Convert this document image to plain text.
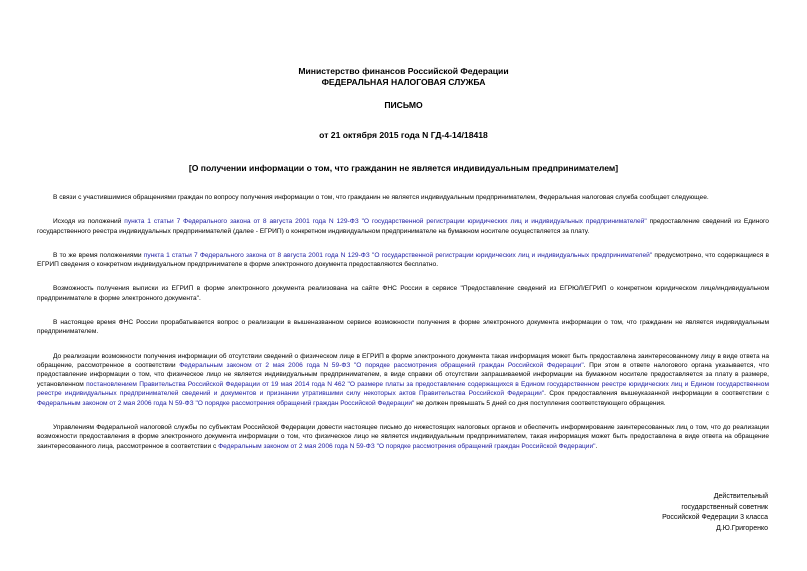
Министерство финансов Российской Федерации
ФЕДЕРАЛЬНАЯ НАЛОГОВАЯ СЛУЖБА
ПИСЬМО
от 21 октября 2015 года N ГД-4-14/18418
[О получении информации о том, что гражданин не является индивидуальным предпринимателем]

В связи с участившимися обращениями граждан по вопросу получения информации о том, что гражданин не является индивидуальным предпринимателем, Федеральная налоговая служба сообщает следующее.

Исходя из положений пункта 1 статьи 7 Федерального закона от 8 августа 2001 года N 129-ФЗ "О государственной регистрации юридических лиц и индивидуальных предпринимателей" предоставление сведений из Единого государственного реестра индивидуальных предпринимателей (далее - ЕГРИП) о конкретном индивидуальном предпринимателе на бумажном носителе осуществляется за плату.

В то же время положениями пункта 1 статьи 7 Федерального закона от 8 августа 2001 года N 129-ФЗ "О государственной регистрации юридических лиц и индивидуальных предпринимателей" предусмотрено, что содержащиеся в ЕГРИП сведения о конкретном индивидуальном предпринимателе в форме электронного документа предоставляются бесплатно.

Возможность получения выписки из ЕГРИП в форме электронного документа реализована на сайте ФНС России в сервисе "Предоставление сведений из ЕГРЮЛ/ЕГРИП о конкретном юридическом лице/индивидуальном предпринимателе в форме электронного документа".

В настоящее время ФНС России прорабатывается вопрос о реализации в вышеназванном сервисе возможности получения в форме электронного документа информации о том, что гражданин не является индивидуальным предпринимателем.

До реализации возможности получения информации об отсутствии сведений о физическом лице в ЕГРИП в форме электронного документа такая информация может быть предоставлена заинтересованному лицу в виде ответа на обращение, рассмотренное в соответствии Федеральным законом от 2 мая 2006 года N 59-ФЗ "О порядке рассмотрения обращений граждан Российской Федерации". При этом в ответе налогового органа указывается, что предоставление информации о том, что физическое лицо не является индивидуальным предпринимателем, в виде справки об отсутствии запрашиваемой информации на бумажном носителе предоставляется за плату в размере, установленном постановлением Правительства Российской Федерации от 19 мая 2014 года N 462 "О размере платы за предоставление содержащихся в Едином государственном реестре юридических лиц и Едином государственном реестре индивидуальных предпринимателей сведений и документов и признании утратившими силу некоторых актов Правительства Российской Федерации". Срок предоставления вышеуказанной информации в соответствии с Федеральным законом от 2 мая 2006 года N 59-ФЗ "О порядке рассмотрения обращений граждан Российской Федерации" не должен превышать 5 дней со дня поступления соответствующего обращения.

Управлениям Федеральной налоговой службы по субъектам Российской Федерации довести настоящее письмо до нижестоящих налоговых органов и обеспечить информирование заинтересованных лиц о том, что до реализации возможности предоставления в форме электронного документа информации о том, что физическое лицо не является индивидуальным предпринимателем, такая информация может быть предоставлена в виде ответа на обращение заинтересованного лица, рассмотренное в соответствии с Федеральным законом от 2 мая 2006 года N 59-ФЗ "О порядке рассмотрения обращений граждан Российской Федерации".

Действительный
государственный советник
Российской Федерации 3 класса
Д.Ю.Григоренко
